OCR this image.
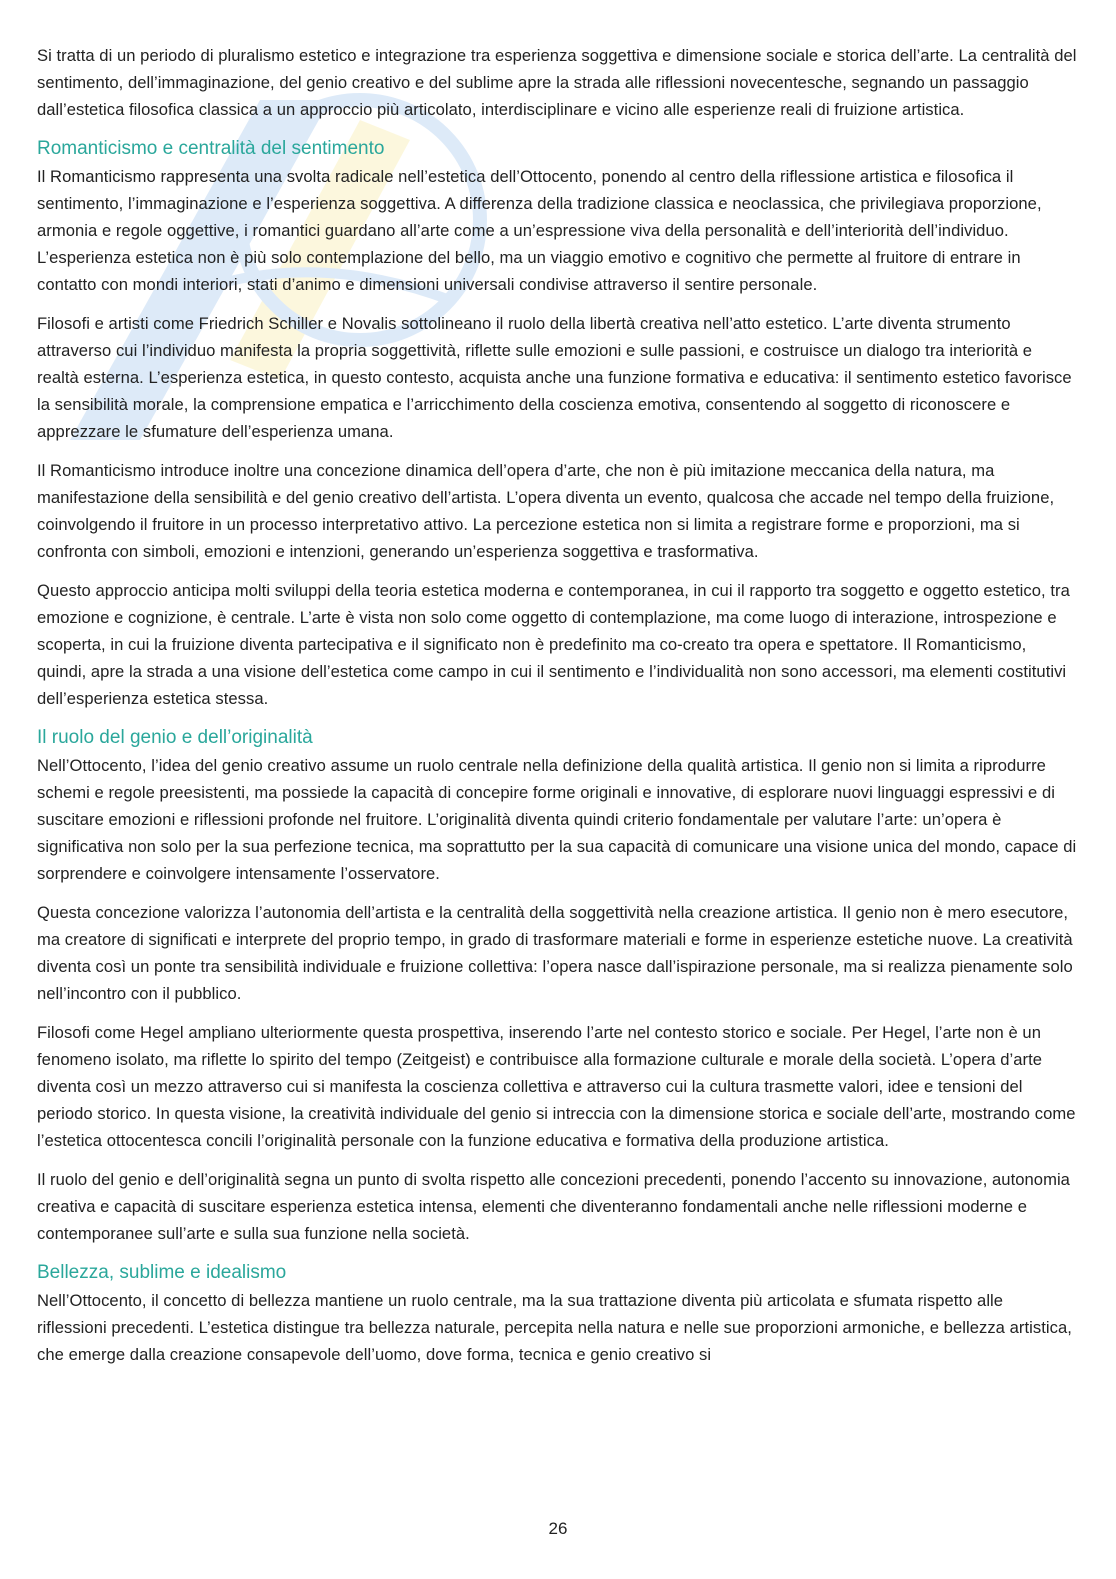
Si tratta di un periodo di pluralismo estetico e integrazione tra esperienza soggettiva e dimensione sociale e storica dell’arte. La centralità del sentimento, dell’immaginazione, del genio creativo e del sublime apre la strada alle riflessioni novecentesche, segnando un passaggio dall’estetica filosofica classica a un approccio più articolato, interdisciplinare e vicino alle esperienze reali di fruizione artistica.

Romanticismo e centralità del sentimento

Il Romanticismo rappresenta una svolta radicale nell’estetica dell’Ottocento, ponendo al centro della riflessione artistica e filosofica il sentimento, l’immaginazione e l’esperienza soggettiva. A differenza della tradizione classica e neoclassica, che privilegiava proporzione, armonia e regole oggettive, i romantici guardano all’arte come a un’espressione viva della personalità e dell’interiorità dell’individuo. L’esperienza estetica non è più solo contemplazione del bello, ma un viaggio emotivo e cognitivo che permette al fruitore di entrare in contatto con mondi interiori, stati d’animo e dimensioni universali condivise attraverso il sentire personale.

Filosofi e artisti come Friedrich Schiller e Novalis sottolineano il ruolo della libertà creativa nell’atto estetico. L’arte diventa strumento attraverso cui l’individuo manifesta la propria soggettività, riflette sulle emozioni e sulle passioni, e costruisce un dialogo tra interiorità e realtà esterna. L’esperienza estetica, in questo contesto, acquista anche una funzione formativa e educativa: il sentimento estetico favorisce la sensibilità morale, la comprensione empatica e l’arricchimento della coscienza emotiva, consentendo al soggetto di riconoscere e apprezzare le sfumature dell’esperienza umana.

Il Romanticismo introduce inoltre una concezione dinamica dell’opera d’arte, che non è più imitazione meccanica della natura, ma manifestazione della sensibilità e del genio creativo dell’artista. L’opera diventa un evento, qualcosa che accade nel tempo della fruizione, coinvolgendo il fruitore in un processo interpretativo attivo. La percezione estetica non si limita a registrare forme e proporzioni, ma si confronta con simboli, emozioni e intenzioni, generando un’esperienza soggettiva e trasformativa.

Questo approccio anticipa molti sviluppi della teoria estetica moderna e contemporanea, in cui il rapporto tra soggetto e oggetto estetico, tra emozione e cognizione, è centrale. L’arte è vista non solo come oggetto di contemplazione, ma come luogo di interazione, introspezione e scoperta, in cui la fruizione diventa partecipativa e il significato non è predefinito ma co-creato tra opera e spettatore. Il Romanticismo, quindi, apre la strada a una visione dell’estetica come campo in cui il sentimento e l’individualità non sono accessori, ma elementi costitutivi dell’esperienza estetica stessa.

Il ruolo del genio e dell’originalità

Nell’Ottocento, l’idea del genio creativo assume un ruolo centrale nella definizione della qualità artistica. Il genio non si limita a riprodurre schemi e regole preesistenti, ma possiede la capacità di concepire forme originali e innovative, di esplorare nuovi linguaggi espressivi e di suscitare emozioni e riflessioni profonde nel fruitore. L’originalità diventa quindi criterio fondamentale per valutare l’arte: un’opera è significativa non solo per la sua perfezione tecnica, ma soprattutto per la sua capacità di comunicare una visione unica del mondo, capace di sorprendere e coinvolgere intensamente l’osservatore.

Questa concezione valorizza l’autonomia dell’artista e la centralità della soggettività nella creazione artistica. Il genio non è mero esecutore, ma creatore di significati e interprete del proprio tempo, in grado di trasformare materiali e forme in esperienze estetiche nuove. La creatività diventa così un ponte tra sensibilità individuale e fruizione collettiva: l’opera nasce dall’ispirazione personale, ma si realizza pienamente solo nell’incontro con il pubblico.

Filosofi come Hegel ampliano ulteriormente questa prospettiva, inserendo l’arte nel contesto storico e sociale. Per Hegel, l’arte non è un fenomeno isolato, ma riflette lo spirito del tempo (Zeitgeist) e contribuisce alla formazione culturale e morale della società. L’opera d’arte diventa così un mezzo attraverso cui si manifesta la coscienza collettiva e attraverso cui la cultura trasmette valori, idee e tensioni del periodo storico. In questa visione, la creatività individuale del genio si intreccia con la dimensione storica e sociale dell’arte, mostrando come l’estetica ottocentesca concili l’originalità personale con la funzione educativa e formativa della produzione artistica.

Il ruolo del genio e dell’originalità segna un punto di svolta rispetto alle concezioni precedenti, ponendo l’accento su innovazione, autonomia creativa e capacità di suscitare esperienza estetica intensa, elementi che diventeranno fondamentali anche nelle riflessioni moderne e contemporanee sull’arte e sulla sua funzione nella società.

Bellezza, sublime e idealismo

Nell’Ottocento, il concetto di bellezza mantiene un ruolo centrale, ma la sua trattazione diventa più articolata e sfumata rispetto alle riflessioni precedenti. L’estetica distingue tra bellezza naturale, percepita nella natura e nelle sue proporzioni armoniche, e bellezza artistica, che emerge dalla creazione consapevole dell’uomo, dove forma, tecnica e genio creativo si

26
